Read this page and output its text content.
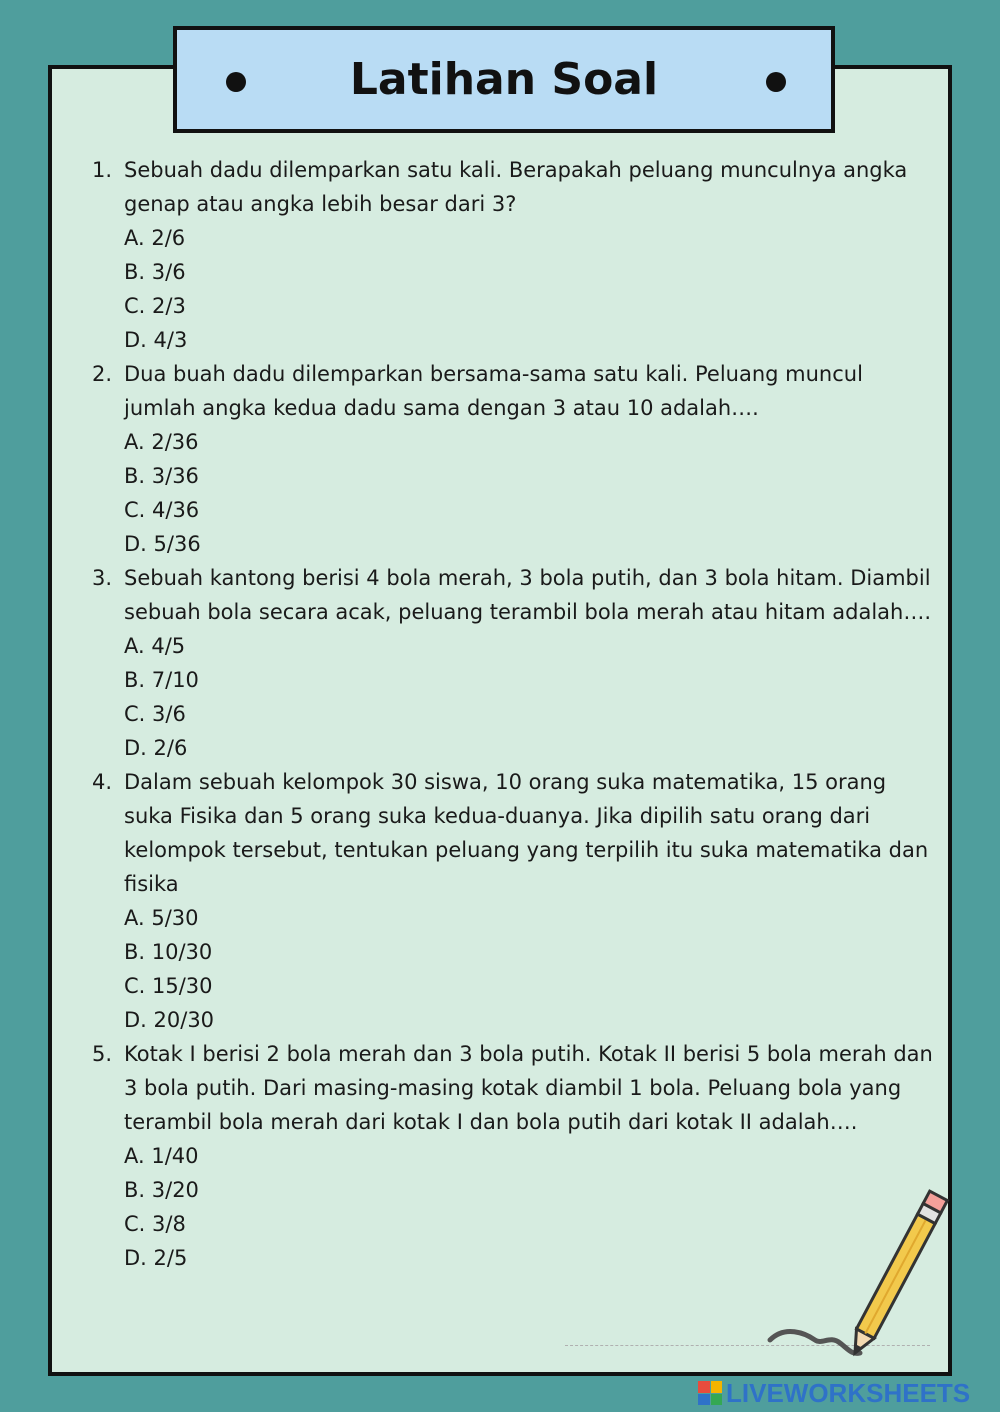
Latihan Soal
1. Sebuah dadu dilemparkan satu kali. Berapakah peluang munculnya angka genap atau angka lebih besar dari 3?
A. 2/6
B. 3/6
C. 2/3
D. 4/3
2. Dua buah dadu dilemparkan bersama-sama satu kali. Peluang muncul jumlah angka kedua dadu sama dengan 3 atau 10 adalah….
A. 2/36
B. 3/36
C. 4/36
D. 5/36
3. Sebuah kantong berisi 4 bola merah, 3 bola putih, dan 3 bola hitam. Diambil sebuah bola secara acak, peluang terambil bola merah atau hitam adalah….
A. 4/5
B. 7/10
C. 3/6
D. 2/6
4. Dalam sebuah kelompok 30 siswa, 10 orang suka matematika, 15 orang suka Fisika dan 5 orang suka kedua-duanya. Jika dipilih satu orang dari kelompok tersebut, tentukan peluang yang terpilih itu suka matematika dan fisika
A. 5/30
B. 10/30
C. 15/30
D. 20/30
5. Kotak I berisi 2 bola merah dan 3 bola putih. Kotak II berisi 5 bola merah dan 3 bola putih. Dari masing-masing kotak diambil 1 bola. Peluang bola yang terambil bola merah dari kotak I dan bola putih dari kotak II adalah….
A. 1/40
B. 3/20
C. 3/8
D. 2/5
LIVEWORKSHEETS
